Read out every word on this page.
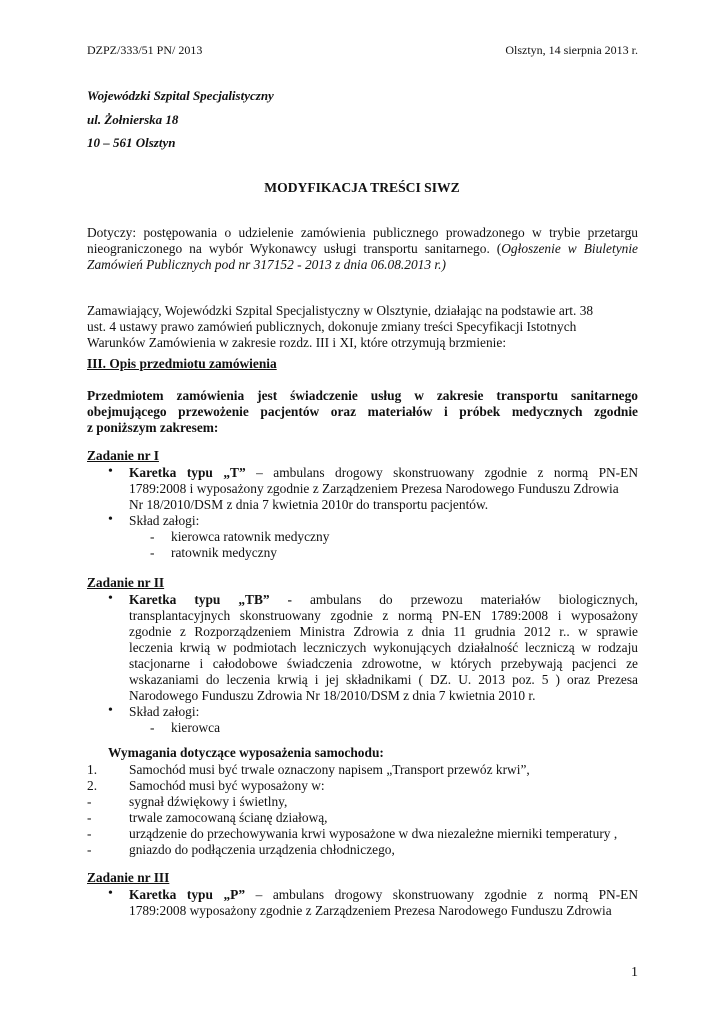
DZPZ/333/51 PN/ 2013	Olsztyn, 14 sierpnia 2013 r.
Wojewódzki Szpital Specjalistyczny
ul. Żołnierska 18
10 – 561 Olsztyn
MODYFIKACJA TREŚCI SIWZ
Dotyczy: postępowania o udzielenie zamówienia publicznego prowadzonego w trybie przetargu
nieograniczonego na wybór Wykonawcy usługi transportu sanitarnego. (Ogłoszenie w Biuletynie
Zamówień Publicznych pod nr 317152 - 2013 z dnia 06.08.2013 r.)
Zamawiający, Wojewódzki Szpital Specjalistyczny w Olsztynie, działając na podstawie art. 38
ust. 4 ustawy prawo zamówień publicznych, dokonuje zmiany treści Specyfikacji Istotnych
Warunków Zamówienia w zakresie rozdz. III i XI, które otrzymują brzmienie:
III. Opis przedmiotu zamówienia
Przedmiotem zamówienia jest świadczenie usług w zakresie transportu sanitarnego
obejmującego przewożenie pacjentów oraz materiałów i próbek medycznych zgodnie
z poniższym zakresem:
Zadanie nr I
• Karetka typu „T” – ambulans drogowy skonstruowany zgodnie z normą PN-EN
1789:2008 i wyposażony zgodnie z Zarządzeniem Prezesa Narodowego Funduszu Zdrowia
Nr 18/2010/DSM z dnia 7 kwietnia 2010r do transportu pacjentów.
• Skład załogi:
- kierowca ratownik medyczny
- ratownik medyczny
Zadanie nr II
• Karetka typu „TB” - ambulans do przewozu materiałów biologicznych,
transplantacyjnych skonstruowany zgodnie z normą PN-EN 1789:2008 i wyposażony
zgodnie z Rozporządzeniem Ministra Zdrowia z dnia 11 grudnia 2012 r.. w sprawie
leczenia krwią w podmiotach leczniczych wykonujących działalność leczniczą w rodzaju
stacjonarne i całodobowe świadczenia zdrowotne, w których przebywają pacjenci ze
wskazaniami do leczenia krwią i jej składnikami ( DZ. U. 2013 poz. 5 ) oraz Prezesa
Narodowego Funduszu Zdrowia Nr 18/2010/DSM z dnia 7 kwietnia 2010 r.
• Skład załogi:
- kierowca
Wymagania dotyczące wyposażenia samochodu:
1. Samochód musi być trwale oznaczony napisem „Transport przewóz krwi”,
2. Samochód musi być wyposażony w:
-	sygnał dźwiękowy i świetlny,
-	trwale zamocowaną ścianę działową,
-	urządzenie do przechowywania krwi wyposażone w dwa niezależne mierniki temperatury ,
-	gniazdo do podłączenia urządzenia chłodniczego,
Zadanie nr III
• Karetka typu „P” – ambulans drogowy skonstruowany zgodnie z normą PN-EN
1789:2008 wyposażony zgodnie z Zarządzeniem Prezesa Narodowego Funduszu Zdrowia
1
